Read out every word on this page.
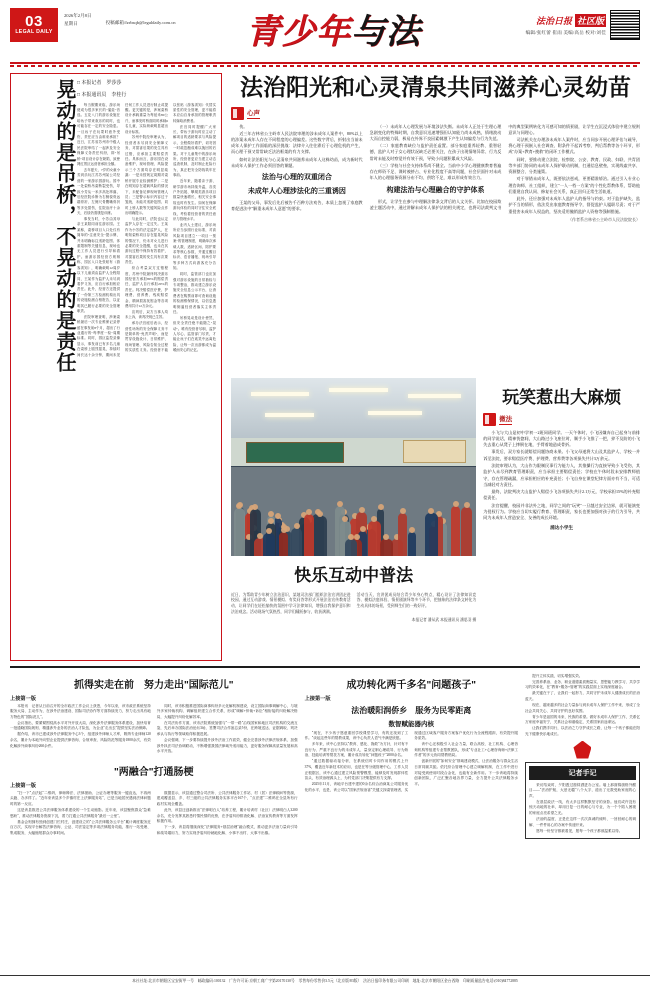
03
LEGAL DAILY
2026年2月8日
星期日	投稿邮箱/fzrbsqb@legaldaily.com.cn 青少年与法	法治日报 社区版
编辑/张红蕾 崔雨 美编/高岳 校对/刘佳
晃动的是吊桥，不晃动的是责任 □ 本报记者　罗莎莎
□ 本报通讯员　李桂行

每当假期来临，游乐场便成为很多家长的"遛娃"首选。五花八门的游乐设施在给孩子带来欢乐的同时，也可能存在一定的安全隐患。一旦孩子在玩耍时意外受伤，责任应当由谁来承担？近日，江苏省苏州市中级人民法院审结了一起涉及安全保障义务责任纠纷，即"吊桥"项目设计存在缺陷，致使网红景区运营者承担全额。

去年夏天，7岁的女童小芳到乐玩江苏苏州某公司经营的一家游乐园游玩。园中一处索桥吊索断裂受伤，导致小芳从一米多高处摔落，后经医院诊断为右侧桡骨远端骨折、左侧尺骨鹰嘴骨折等多处损伤，住院治疗十余天，后续仍需康复训练。

事发当时，小芳由其母亲王某陪同前往游乐园。王某称，索桥项目入口处仅有简单的"注意安全"提示牌，并未明确标注适龄范围、体重限制等关键信息，现场也无工作人员进行引导和看护。而游乐园经营方则辩称，园区入口处张贴有《游客须知》，明确载明12周岁以下儿童须由监护人全程陪同，王某作为监护人未尽到看护义务，应自行承担相应责任。此外，经营方还提供了一份第三方检测机构出具的设施检测合格报告，以证明其已履行必要的安全管理职责。

法院审理查明，涉案索桥最后一次专业维保记录停留在事发前8个月，超出了行业通行的"每季度一检"周期标准。同时，园区监控录像显示，事发前已有多名儿童在索桥上剧烈摇晃，持续时间长达十余分钟，期间未见任何工作人员进行制止或提醒。更关键的是，涉案索桥设计承载重量为每延米80公斤，而事发时桥面同时承载6名儿童，实际荷载明显超出设计标准。

苏州中院经审理认为，经营者未尽到安全保障义务，对损害后果的发生具有过错，应承担主要赔偿责任。具体而言，游乐园在设备维护、现场管理、风险提示三个方面均存在明显疏漏：一是未按规定周期对索桥开展专业检测维护；二是在明知存在超载风险的情况下，未配备足够现场管理人员；三是警示标识内容过于笼统，未能对适龄范围、同时上桥人数等关键风险点作出明确提示。

与此同时，法院也认定监护人存在一定过失。王某作为小芳的法定监护人，在明知索桥项目存在摇晃风险的情况下，仍未对女儿进行必要的安全提醒，也未在其游玩过程中保持有效看护，对损害后果的发生具有次要责任。

综合考量双方过错程度，苏州中院最终判决游乐园经营方承担80%的赔偿责任，监护人自行承担20%的责任。判决赔偿医疗费、护理费、营养费、残疾赔偿金、精神损害抚慰金等各项费用共计12万余元。

宣判后，双方当事人均未上诉，该判决现已生效。

承办法官庭后表示，经营性场所的安全保障义务不是简单的"免责声明"，而是贯穿设施设计、日常维护、现场管理、风险告知全过程的实质性义务。经营者不能以张贴《游客须知》代替实质性的安全管理，更不能将本应由自身承担的管理职责转嫁给消费者。

法官同时提醒广大家长，带孩子游玩时应主动了解项目的适龄要求与风险提示，全程做好看护，切勿因一时疏忽酿成难以挽回的后果。对于儿童集中的游乐场所，经营者更应当建立动态巡查机制，及时制止危险行为，真正把安全防线筑牢在事前。

近年来，随着亲子游、研学游市场持续升温，各类户外拓展、攀爬类游乐项目数量快速增长，相关安全事故也时有发生。如何在保障游玩体验的同时守住安全底线，考验着经营者的责任意识与管理水平。

业内人士建议，游乐场所应当参照行业标准，对高风险项目建立"一项目一预案"的管理制度，明确单次承载人数、适龄区间、陪护要求等核心参数，并通过醒目标识、语音播报、现场引导等多种方式向游客充分告知。

同时，监管部门也应加强对游乐设施的日常抽检与专项整治，推动建立游乐设施安全信息公示平台，让消费者在购票前即可查询设施的检测维保情况，以信息透明倒逼经营者落实主体责任。

吊桥晃动是设计使然，但安全责任绝不能随之"晃动"。唯有经营者尽职、监护人尽心、监管部门尽责，才能让孩子们在欢笑中远离危险，让每一次出游都成为温暖而安心的记忆。

法治阳光和心灵清泉共同滋养心灵幼苗
心声

伤。

近三年吉林省公主岭市人民法院审理的涉未成年人案件中，80%以上的涉案未成年人存在不同程度的心理偏差。这些数字背后，折射出当前未成年人保护工作面临的深层挑战：法律介入往往滞后于心理危机的产生，而心理干预又常常缺乏法治框架的有力支撑。

如何让法治阳光与心灵清泉共同滋养未成年人这株幼苗，成为新时代未成年人保护工作必须回答的课题。

法治与心理的双重闭合
未成年人心理涉法化的三重诱因

王某的父母，事发后先后被告千百种方法劝告，本质上忽视了家庭教育促进法中"解重未成年人意愿"的要求。

（一）未成年人心理发展与环境涉法失衡。未成年人正处于生理心理急剧变化的特殊时期，自我意识迅速增强但认知能力尚未成熟，情绪波动大而自控能力弱，极易在外界不良因素刺激下产生认知偏差与行为失范。

（二）家庭教育缺位与监护责任虚置。部分家庭重养轻教、重智轻德，监护人对子女心理状况缺乏必要关注，在孩子出现情绪异常、行为反常时未能及时察觉并有效干预，导致小问题积累成大风险。

（三）学校与社会支持体系尚不健全。当前中小学心理健康教育普遍存在师资不足、课时被挤占、专业化程度不高等问题，社会层面针对未成年人的心理服务资源分布不均、供给不足，难以形成有效合力。

构建法治与心理融合的守护体系

形式，让学生在参与中理解法律条文背后的人文关怀。比如在校园欺凌主题活动中，通过讲解未成年人保护法的相关规定，也将司法裁判文书中的典型案例转化为可感可知的情景剧，让学生在沉浸式体验中建立规则意识与同理心。

司法机关在办理涉未成年人案件时，应当同步开展心理评估与疏导，将心理干预嵌入社会调查、附条件不起诉考察、判后帮教等各个环节，形成"办案+教育+挽救"的闭环工作模式。

同时，要推动建立法院、检察院、公安、教育、民政、妇联、共青团等多部门协同的未成年人保护联动机制，打通信息壁垒，实现线索共享、资源整合、分类施策。

对于罪错未成年人，既要依法惩戒，更要精准矫治。通过引入专业心理咨询师、社工组织，建立"一人一档一方案"的个性化帮教体系，帮助他们重建自我认同、修复社会关系，真正回归正常生活轨道。

此外，还应加强对未成年人监护人的指导与约束。对于监护缺失、监护不当的情形，依法发出家庭教育指导令，督促监护人履职尽责；对于严重侵害未成年人权益的，坚决适用撤销监护人资格等强制措施。

（作者系吉林省公主岭市人民法院院长）
快乐互动中普法
近日，为帮助青少年树立法治意识，某地司法部门组织法治宣讲团走进校园，通过互动游戏、情景模拟、有奖问答等形式开展法治宣传教育活动，让同学们在轻松愉快的氛围中学习法律知识，增强自我保护意识和法治观念。活动现场气氛热烈，同学们踊跃参与，收获满满。
活动当天，宣讲团成员结合青少年身心特点，精心设计了法律知识竞答、模拟法庭体验、情景剧演绎等多个环节，把抽象的法律条文转化为生动具体的场景，受到师生们的一致好评。
本报记者 潘从武 本报通讯员 潘思羽 摄
玩笑惹出大麻烦
微法

小飞与大山是初中学初一2班同班同学。一天午休时，小飞因嫌弃自己起身与前排的同学说话，精神恍惚间，大山路过小飞座位时，顺手小飞推了一把，猝不及防的小飞失去重心从凳子上摔倒在地，手臂着地造成骨折。

事发后，双方家长就赔偿问题协商未果。小飞父母遂将大山及其监护人、学校一并诉至法院，要求赔偿医疗费、护理费、营养费等各项损失共计3万余元。

法院审理认为，大山作为限制民事行为能力人，其推搡行为直接导致小飞受伤，其监护人未尽到教育管理职责，应当承担主要赔偿责任；学校在午休时段未安排教师值守，存在管理疏漏，应承担相应的补充责任；小飞自身在课堂纪律方面亦有不当，可适当减轻对方责任。

最终，法院判决大山监护人赔偿小飞各项损失共计2.1万元，学校承担15%的补充赔偿责任。

法官提醒，校园并非法外之地，同学之间的"玩笑"一旦越过安全边界，就可能演变为侵权行为。学校应当切实履行教育、管理职责，家长也要加强对孩子的行为引导，共同为未成年人营造安全、友善的成长环境。

浦达小学生
抓得实走在前　努力走出"国际范儿"
上接第一版

本报讯　记者从日前召开的全市政法工作会议上获悉，今年以来，该市政法系统坚持服务大局、主动作为，在涉外法治建设、国际司法协作等方面持续发力，努力走出具有地方特色的"国际范儿"。

会议指出，要紧紧围绕高水平对外开放大局，深化涉外法律服务体系建设，加快培育一批通晓国际规则、精通涉外业务的法治人才队伍，为企业"走出去"提供坚实法治保障。

据介绍，该市已建成涉外法律服务中心3个，组建涉外律师人才库，吸纳专业律师120余名，累计为本地外向型企业提供法律咨询、合规审查、风险防范等服务1800余次，有效化解涉外商事纠纷260余件。

同时，该市积极推进国际商事纠纷多元化解机制建设，设立国际商事调解中心，与境外多家仲裁机构、调解组织建立合作关系，形成"调解+仲裁+诉讼"相衔接的纠纷解决格局，大幅提升纠纷化解效率。

在司法协作方面，该市法院系统加强与"一带一路"沿线国家和地区司法机构的交流互鉴，先后举办国际法治论坛3场，签署司法合作备忘录5份，在跨境送达、证据调取、判决承认与执行等领域取得积极进展。

会议强调，下一步要持续提升涉外法治工作质效，健全完善涉外法律法规体系，加强涉外执法司法协调联动，不断增强我国法律域外适用能力，更好服务保障高质量发展和高水平开放。

"两融合"打通肠梗
上接第一版

"扫一下"点法起"二维码，律师释法、法律援助、公证办理等服务一键直达，不再两头跑、办多样了。"近年来该县多个乡镇村庄上法律服务站"，已是当地居民遇到法律问题时的第一反应。

这是该县推进公共法律服务体系建设的一个生动缩影。近年来，该县聚焦群众"急难愁盼"，推动法律服务资源下沉，着力打通公共法律服务"最后一公里"。

基金会则拥有独到创建门栏村庄，创建设立的"公共法律服务云平台"累计调度服务近百万次，实现平台解答法律咨询、公证、司法鉴定等多项法律服务功能，推行一站受理、集成服务，大幅缩短群众办事时间。

数据显示，该县通过整合司法所、公共法律服务工作站、村（居）法律顾问等资源，建成覆盖县、乡、村三级的公共法律服务实体平台167个，"点法建"二维码在全县所有行政村实现全覆盖。

此外，该县还创新推出"法律明白人"培养工程，累计培训村（社区）法律明白人3200余名，充分发挥其熟悉村情民情的优势，在矛盾纠纷排查化解、法治宣传教育等方面发挥积极作用。

下一步，该县将继续深化"法律服务+基层治理"融合模式，推动更多法治力量向引导和疏导端用力，努力实现矛盾纠纷就地化解、小事不出村、大事不出镇。

成功转化两千多名"问题孩子"
上接第一版
法治暖阳润侨乡　服务为民零距离
数智赋能器内核

"现在，不少孩子愿意重回学校课堂学习，有的还找到了工作。"谈起这些年的帮教成果，该中心负责人语气中满是欣慰。

多年来，该中心坚持以"教育、感化、挽救"为方针，针对有不良行为、严重不良行为的未成年人，量身定制心理疏导、行为矫治、技能培训等帮扶方案，累计成功转化"问题孩子"2000余名。

"通过数据驱动接分析，在系统信时卡同作用的模式上升37%，覆盖近年新技术的应用，也是在等分级管理中心，工作人员正根据区，该中心通过建立风险预警模型，能够及时发现群体性苗头，有效治理源头上，为村党部门决策提供有力支撑。

2025年11月，该地平台建中建的0余名综合治商某公司服务优化的水平，也是，该公司以"国家法规治害"关键文探索管理者，实现通过区域客户服务方案客户优化行为全流程跟踪，有效提升服务质效。

该中心还积极引入社会力量，联合高校、社工机构、心理咨询机构等组建专业帮教团队，形成"专业社工+心理咨询师+法律工作者"的多元协同帮教格局。

创新开展的"如何安全"领域建设模式，让法治服务与群众生活日常同频共振。依托综合管理中心建立调解机制，在工作中进行对接受到使用时段合金化，也能有全新作用。下一步该地将持续创新团队，广泛汇聚各地各界力量，全力提升公共法律服务水平。

提升立体实践，切实增强实效。

完善养系治、业务、职业道德素质衡量实、思想能力教学习、共享学习的效率化，在"教育+服务+管理"的实践层面上实现深度融合。

最关键在于了，让我们一起努力，共同守护未成年人健康成长的法治蓝天。

现在，越来越多的社会力量参与到未成年人保护工作中来，形成了全社会共同关心、共同守护的良好氛围。

青少年是祖国的未来、民族的希望。做好未成年人保护工作，关系亿万家庭幸福安宁，关系社会和谐稳定，关系国家前途命运。

让我们携手同行，以法治之力守护成长之路，让每一个孩子都能在阳光下健康快乐地成长。

记者手记

采访结束时，夕阳透过窗棂洒进办公室。墙上那面锦旗格外醒目——"法治护航，大爱无疆"八个大字，道出了无数受助家庭的心声。

在基层政法一线，有太多这样默默坚守的身影。他们或许没有惊天动地的壮举，却用日复一日的耐心与专业，为一个个陷入困境的家庭点亮希望之光。

法治的温度，正是在这样一次次真诚的倾听、一回回耐心的调解、一件件用心的办案中传递开来。

愿每一份坚守都被看见，愿每一个孩子都被温柔以待。

本社社址:北京市朝阳区宝安街甲一号　邮政编码:100132　广告许可证:京朝工商广字第20170130号　零售每份零售价3.5元（北京版/83版）　法治日报印务有限公司印刷　地址:北京市朝阳区金台西路　印刷质量监告电话:(010)84772885
